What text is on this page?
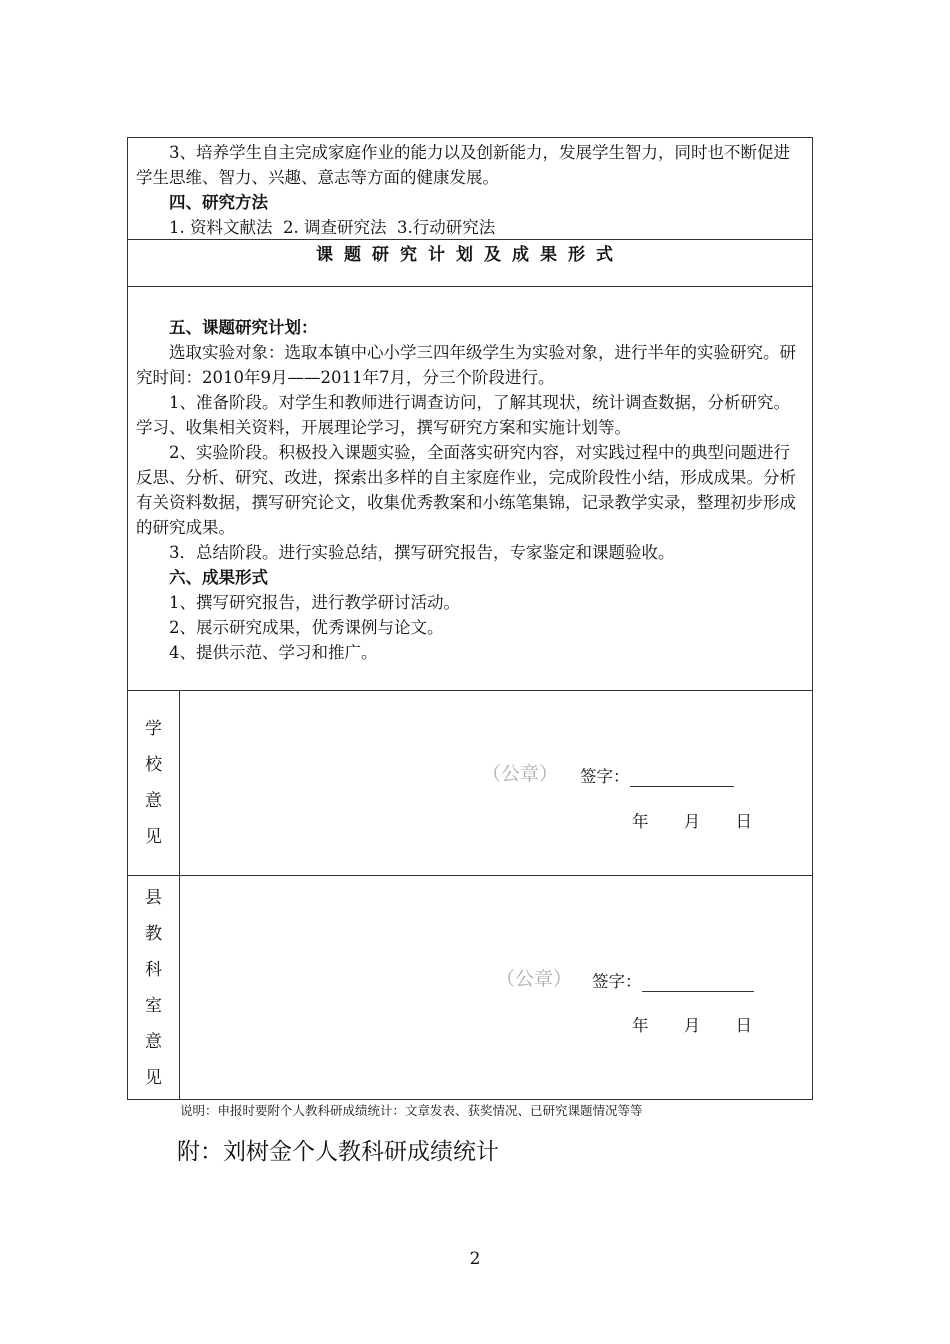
3、培养学生自主完成家庭作业的能力以及创新能力，发展学生智力，同时也不断促进学生思维、智力、兴趣、意志等方面的健康发展。

四、研究方法

1. 资料文献法  2. 调查研究法  3.行动研究法

课题研究计划及成果形式

五、课题研究计划：

选取实验对象：选取本镇中心小学三四年级学生为实验对象，进行半年的实验研究。研究时间：2010年9月——2011年7月，分三个阶段进行。

1、准备阶段。对学生和教师进行调查访问，了解其现状，统计调查数据，分析研究。学习、收集相关资料，开展理论学习，撰写研究方案和实施计划等。

2、实验阶段。积极投入课题实验，全面落实研究内容，对实践过程中的典型问题进行反思、分析、研究、改进，探索出多样的自主家庭作业，完成阶段性小结，形成成果。分析有关资料数据，撰写研究论文，收集优秀教案和小练笔集锦，记录教学实录，整理初步形成的研究成果。

3．总结阶段。进行实验总结，撰写研究报告，专家鉴定和课题验收。

六、成果形式

1、撰写研究报告，进行教学研讨活动。

2、展示研究成果，优秀课例与论文。

4、提供示范、学习和推广。

学
校
意
见
（公章） 签字：
年 月 日
县
教
科
室
意
见
（公章） 签字：
年 月 日
说明：申报时要附个人教科研成绩统计：文章发表、获奖情况、已研究课题情况等等
附：刘树金个人教科研成绩统计
2
